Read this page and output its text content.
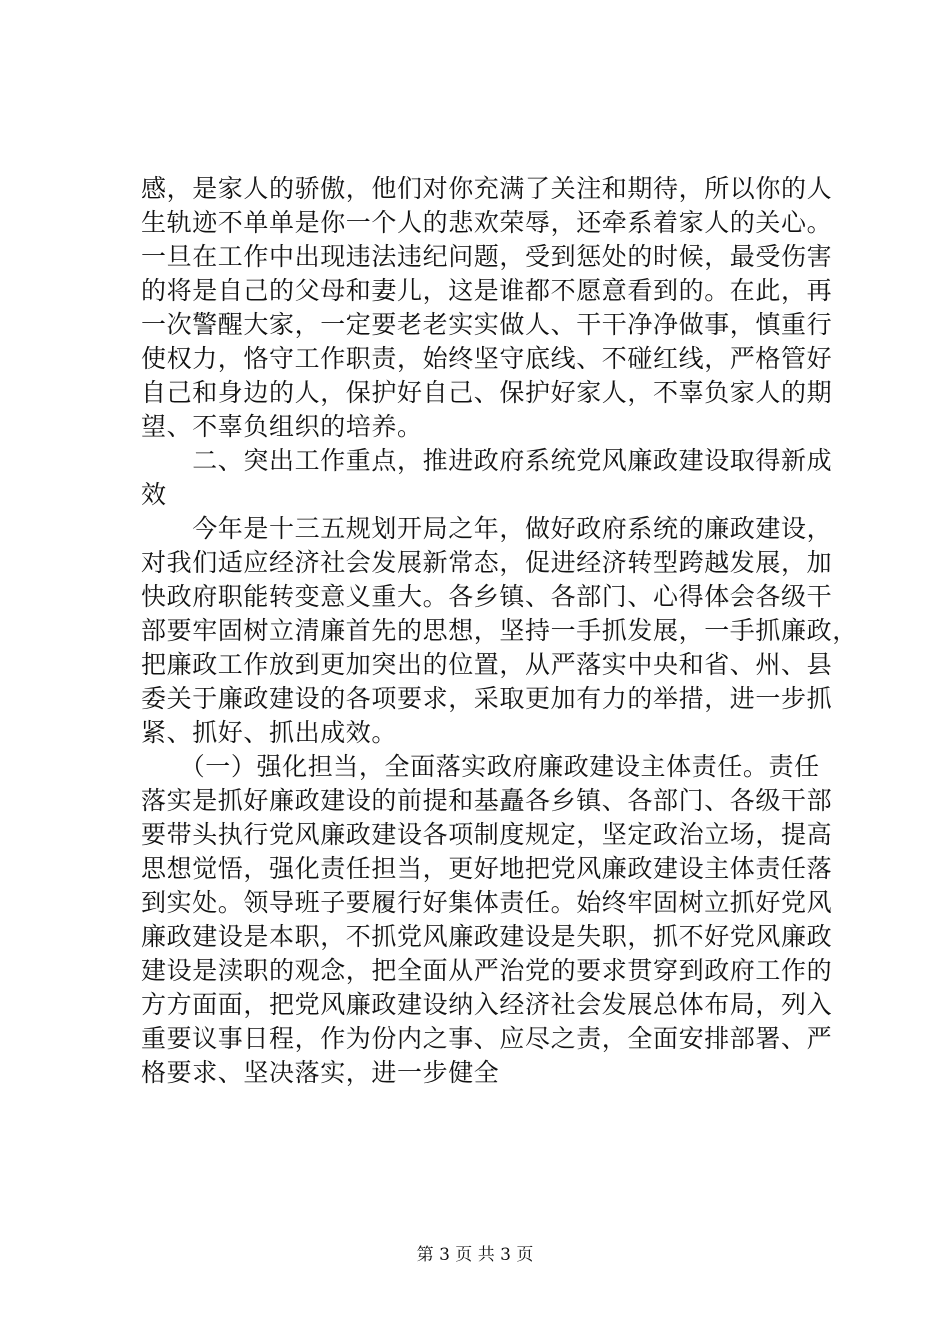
感，是家人的骄傲，他们对你充满了关注和期待，所以你的人
生轨迹不单单是你一个人的悲欢荣辱，还牵系着家人的关心。
一旦在工作中出现违法违纪问题，受到惩处的时候，最受伤害
的将是自己的父母和妻儿，这是谁都不愿意看到的。在此，再
一次警醒大家，一定要老老实实做人、干干净净做事，慎重行
使权力，恪守工作职责，始终坚守底线、不碰红线，严格管好
自己和身边的人，保护好自己、保护好家人，不辜负家人的期
望、不辜负组织的培养。
　　二、突出工作重点，推进政府系统党风廉政建设取得新成
效
　　今年是十三五规划开局之年，做好政府系统的廉政建设，
对我们适应经济社会发展新常态，促进经济转型跨越发展，加
快政府职能转变意义重大。各乡镇、各部门、心得体会各级干
部要牢固树立清廉首先的思想，坚持一手抓发展，一手抓廉政，
把廉政工作放到更加突出的位置，从严落实中央和省、州、县
委关于廉政建设的各项要求，采取更加有力的举措，进一步抓
紧、抓好、抓出成效。
　　（一）强化担当，全面落实政府廉政建设主体责任。责任
落实是抓好廉政建设的前提和基矗各乡镇、各部门、各级干部
要带头执行党风廉政建设各项制度规定，坚定政治立场，提高
思想觉悟，强化责任担当，更好地把党风廉政建设主体责任落
到实处。领导班子要履行好集体责任。始终牢固树立抓好党风
廉政建设是本职，不抓党风廉政建设是失职，抓不好党风廉政
建设是渎职的观念，把全面从严治党的要求贯穿到政府工作的
方方面面，把党风廉政建设纳入经济社会发展总体布局，列入
重要议事日程，作为份内之事、应尽之责，全面安排部署、严
格要求、坚决落实，进一步健全
第 3 页 共 3 页
